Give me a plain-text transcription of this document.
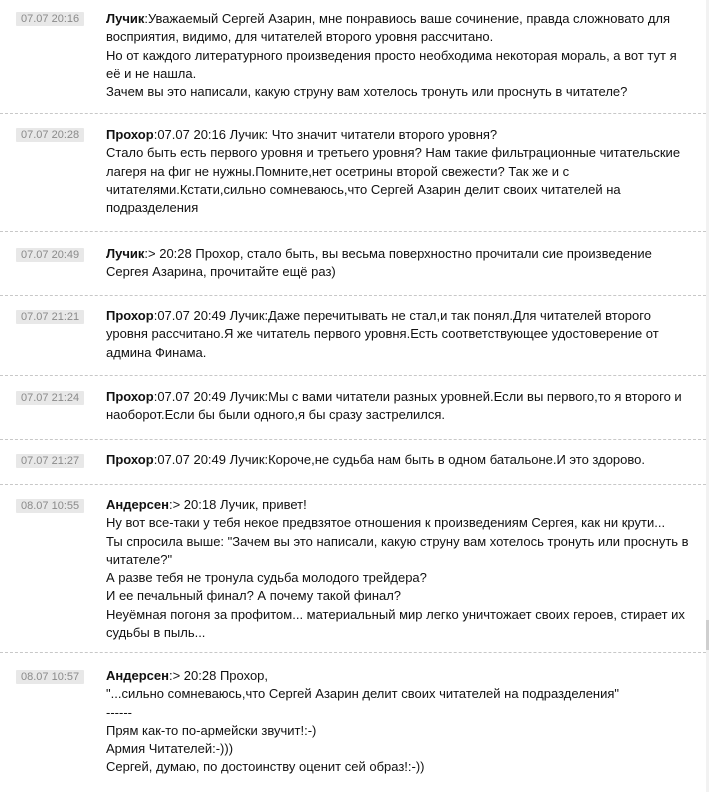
07.07 20:16	Лучик:Уважаемый Сергей Азарин, мне понравиось ваше сочинение, правда сложновато для
восприятия, видимо, для читателей второго уровня рассчитано.
Но от каждого литературного произведения просто необходима некоторая мораль, а вот тут я
её и не нашла.
Зачем вы это написали, какую струну вам хотелось тронуть или проснуть в читателе?
07.07 20:28	Прохор:07.07 20:16 Лучик: Что значит читатели второго уровня?
Стало быть есть первого уровня и третьего уровня? Нам такие фильтрационные читательские
лагеря на фиг не нужны.Помните,нет осетрины второй свежести? Так же и с
читателями.Кстати,сильно сомневаюсь,что Сергей Азарин делит своих читателей на
подразделения
07.07 20:49	Лучик:> 20:28 Прохор, стало быть, вы весьма поверхностно прочитали сие произведение
Сергея Азарина, прочитайте ещё раз)
07.07 21:21	Прохор:07.07 20:49 Лучик:Даже перечитывать не стал,и так понял.Для читателей второго
уровня рассчитано.Я же читатель первого уровня.Есть соответствующее удостоверение от
админа Финама.
07.07 21:24	Прохор:07.07 20:49 Лучик:Мы с вами читатели разных уровней.Если вы первого,то я второго и
наоборот.Если бы были одного,я бы сразу застрелился.
07.07 21:27	Прохор:07.07 20:49 Лучик:Короче,не судьба нам быть в одном батальоне.И это здорово.
08.07 10:55	Андерсен:> 20:18 Лучик, привет!
Ну вот все-таки у тебя некое предвзятое отношения к произведениям Сергея, как ни крути...
Ты спросила выше: "Зачем вы это написали, какую струну вам хотелось тронуть или проснуть в
читателе?"
А разве тебя не тронула судьба молодого трейдера?
И ее печальный финал? А почему такой финал?
Неуёмная погоня за профитом... материальный мир легко уничтожает своих героев, стирает их
судьбы в пыль...
08.07 10:57	Андерсен:> 20:28 Прохор,
"...сильно сомневаюсь,что Сергей Азарин делит своих читателей на подразделения"
------
Прям как-то по-армейски звучит!:-)
Армия Читателей:-)))
Сергей, думаю, по достоинству оценит сей образ!:-))
